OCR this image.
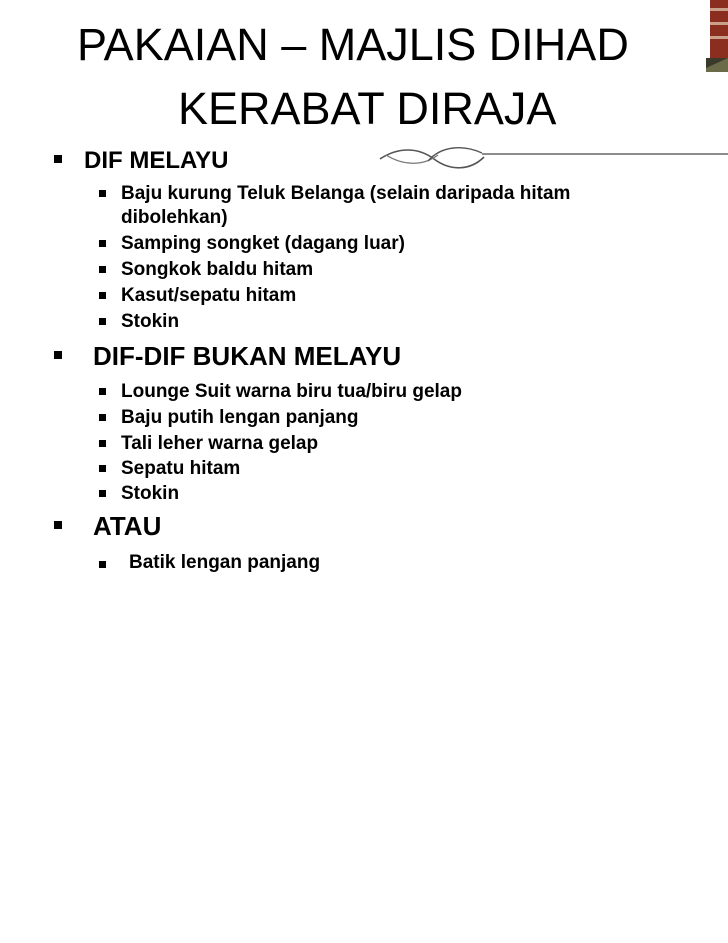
PAKAIAN – MAJLIS DIHAD
KERABAT DIRAJA
DIF MELAYU
Baju kurung Teluk Belanga (selain daripada hitam
dibolehkan)
Samping songket (dagang luar)
Songkok baldu hitam
Kasut/sepatu hitam
Stokin
DIF-DIF BUKAN MELAYU
Lounge Suit warna biru tua/biru gelap
Baju putih lengan panjang
Tali leher warna gelap
Sepatu hitam
Stokin
ATAU
Batik lengan panjang
